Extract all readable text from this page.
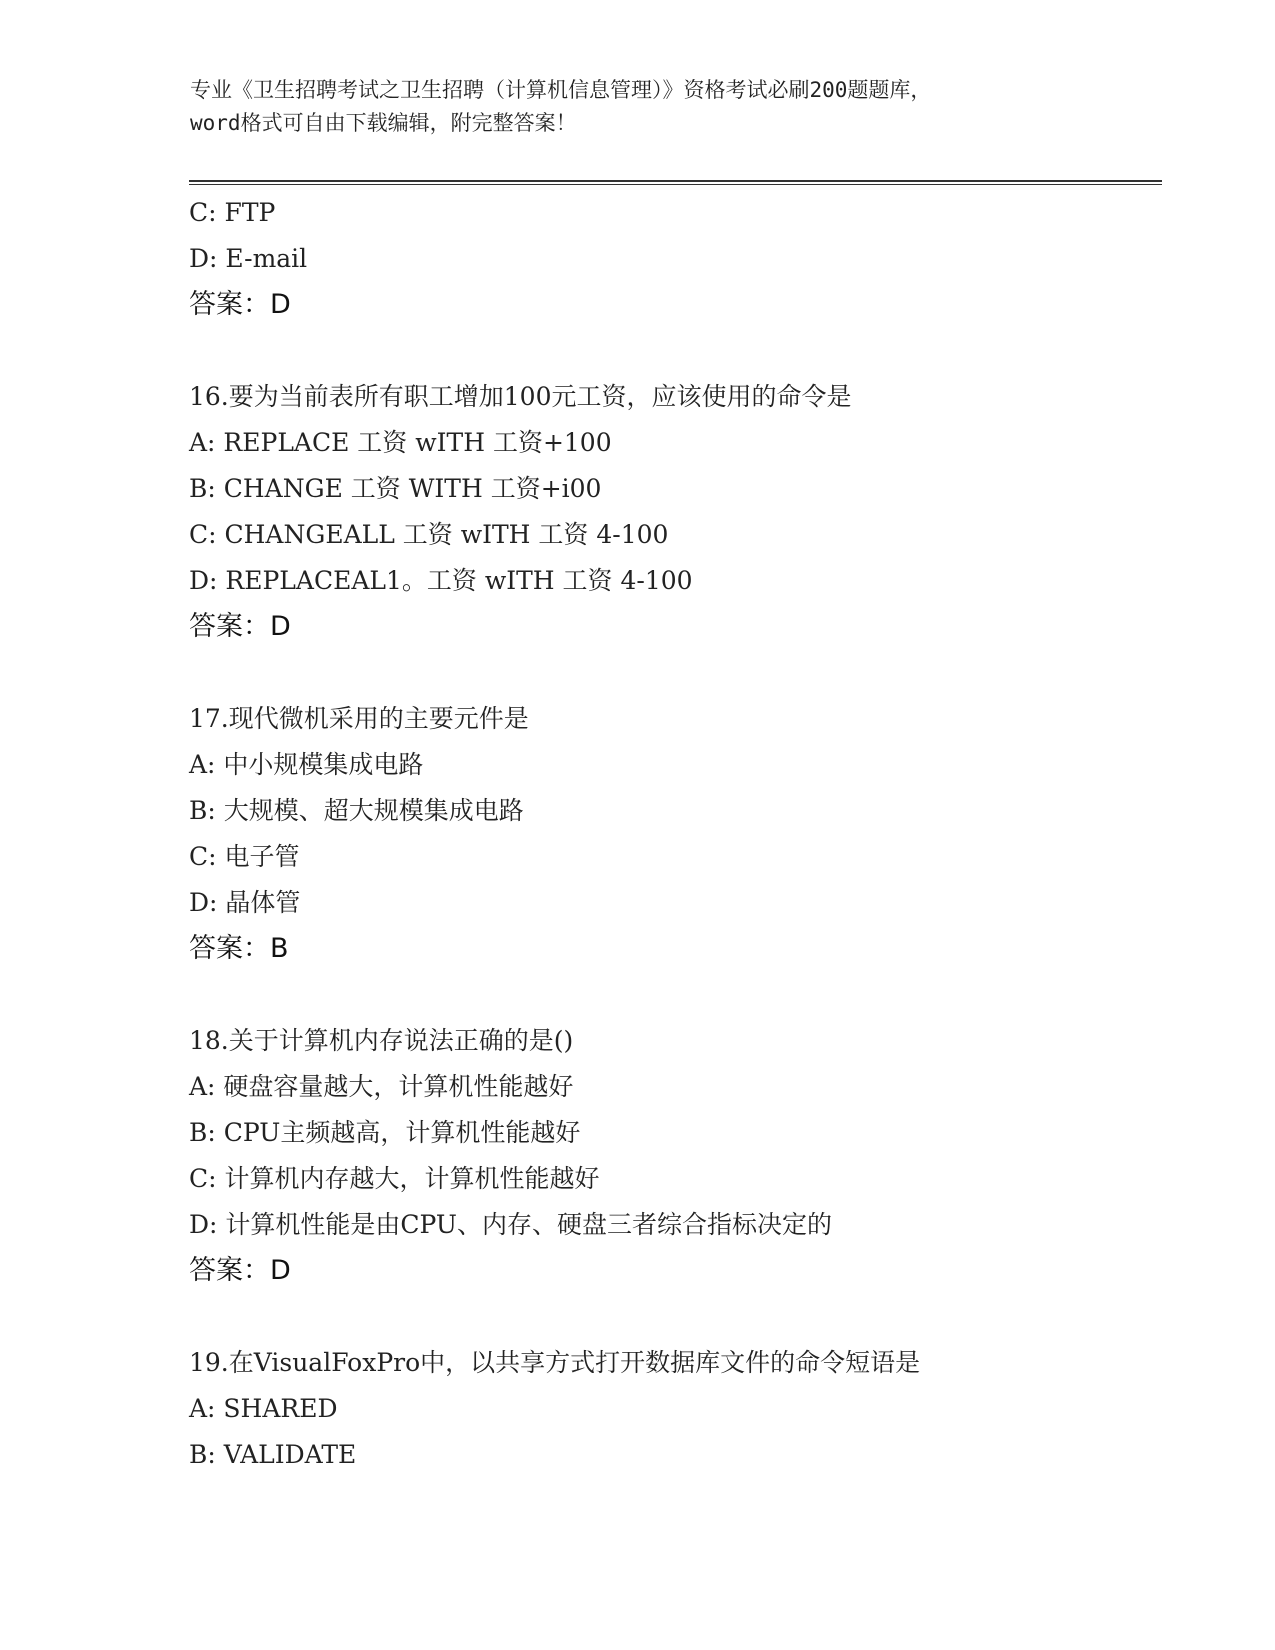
专业《卫生招聘考试之卫生招聘（计算机信息管理）》资格考试必刷200题题库，
word格式可自由下载编辑，附完整答案！
C: FTP
D: E-mail
答案：D
16.要为当前表所有职工增加100元工资，应该使用的命令是
A: REPLACE 工资 wITH 工资+100
B: CHANGE 工资 WITH 工资+i00
C: CHANGEALL 工资 wITH 工资 4-100
D: REPLACEAL1。工资 wITH 工资 4-100
答案：D
17.现代微机采用的主要元件是
A: 中小规模集成电路
B: 大规模、超大规模集成电路
C: 电子管
D: 晶体管
答案：B
18.关于计算机内存说法正确的是()
A: 硬盘容量越大，计算机性能越好
B: CPU主频越高，计算机性能越好
C: 计算机内存越大，计算机性能越好
D: 计算机性能是由CPU、内存、硬盘三者综合指标决定的
答案：D
19.在VisualFoxPro中，以共享方式打开数据库文件的命令短语是
A: SHARED
B: VALIDATE
